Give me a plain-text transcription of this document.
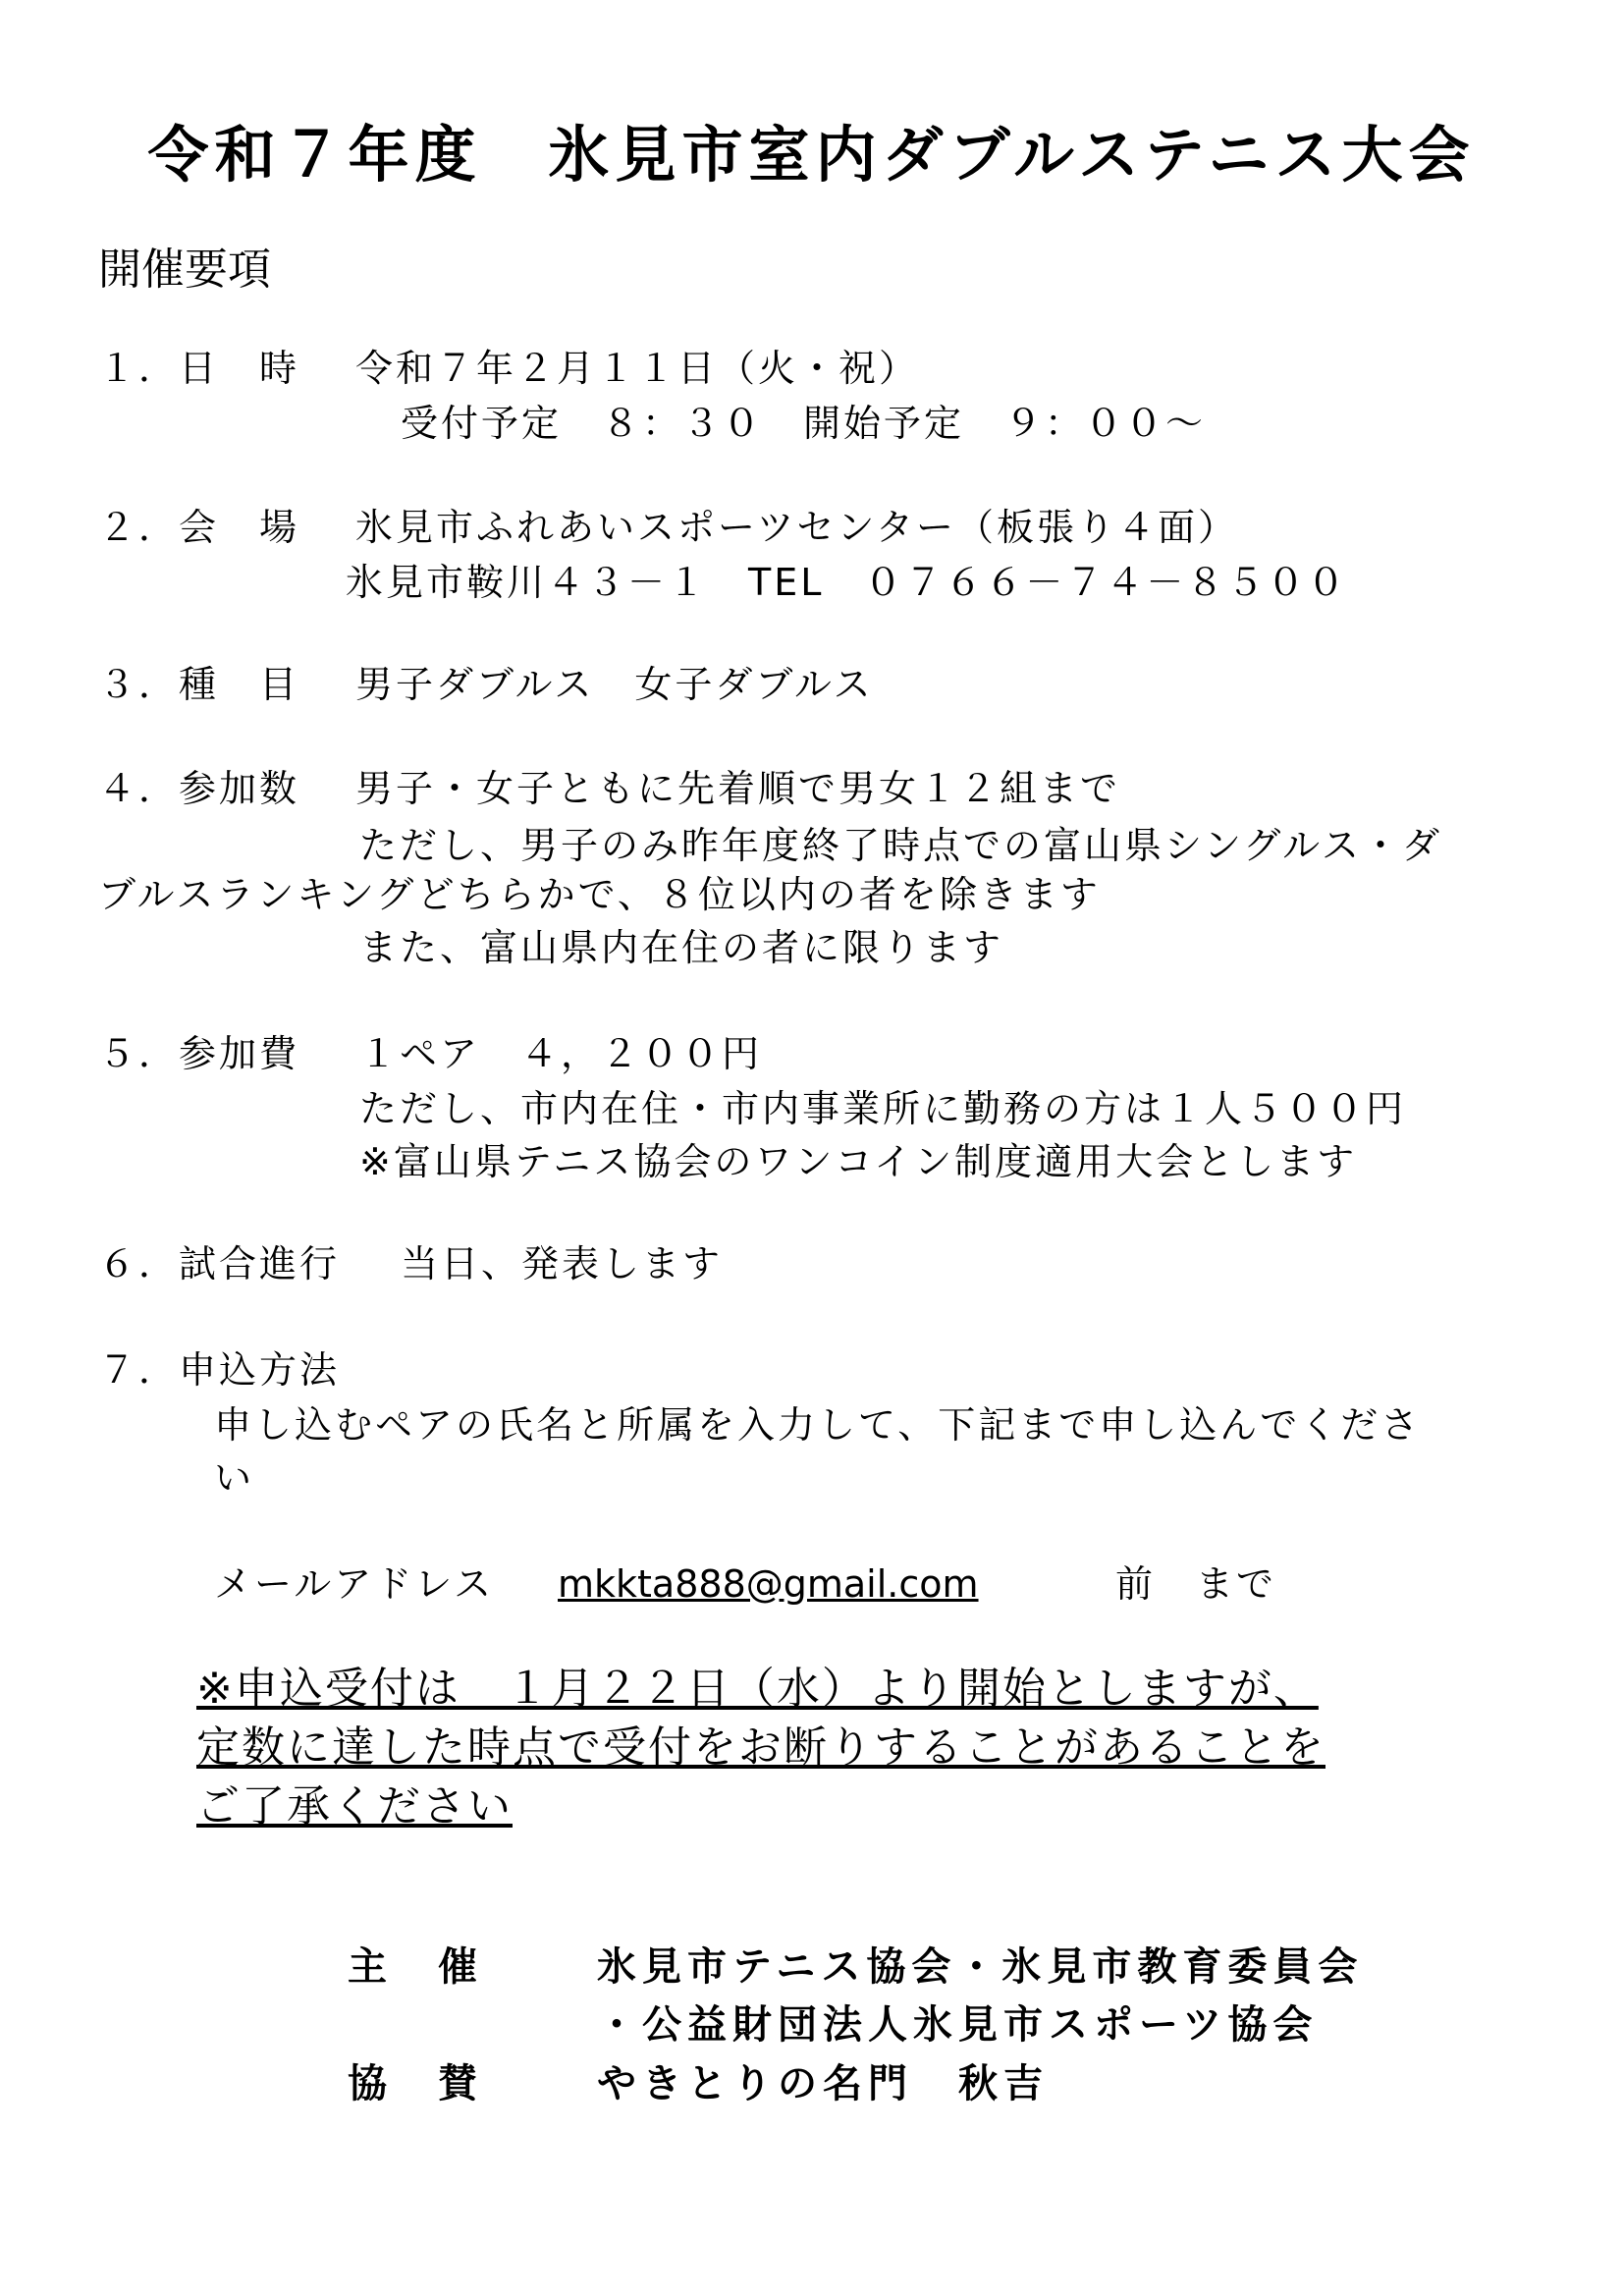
令和７年度　氷見市室内ダブルステニス大会
開催要項
１．日　時 令和７年２月１１日（火・祝）
受付予定　８：３０　開始予定　９：００～
２．会　場 氷見市ふれあいスポーツセンター（板張り４面）
氷見市鞍川４３－１　TEL　０７６６－７４－８５００
３．種　目 男子ダブルス　女子ダブルス
４．参加数 男子・女子ともに先着順で男女１２組まで
ただし、男子のみ昨年度終了時点での富山県シングルス・ダ
ブルスランキングどちらかで、８位以内の者を除きます
また、富山県内在住の者に限ります
５．参加費 １ペア　４，２００円
ただし、市内在住・市内事業所に勤務の方は１人５００円
※富山県テニス協会のワンコイン制度適用大会とします
６．試合進行 当日、発表します
７．申込方法
申し込むペアの氏名と所属を入力して、下記まで申し込んでくださ
い
メールアドレス mkkta888@gmail.com	前　まで
※申込受付は　１月２２日（水）より開始としますが、
定数に達した時点で受付をお断りすることがあることを
ご了承ください
主　催	氷見市テニス協会・氷見市教育委員会
・公益財団法人氷見市スポーツ協会
協　賛	やきとりの名門　秋吉
